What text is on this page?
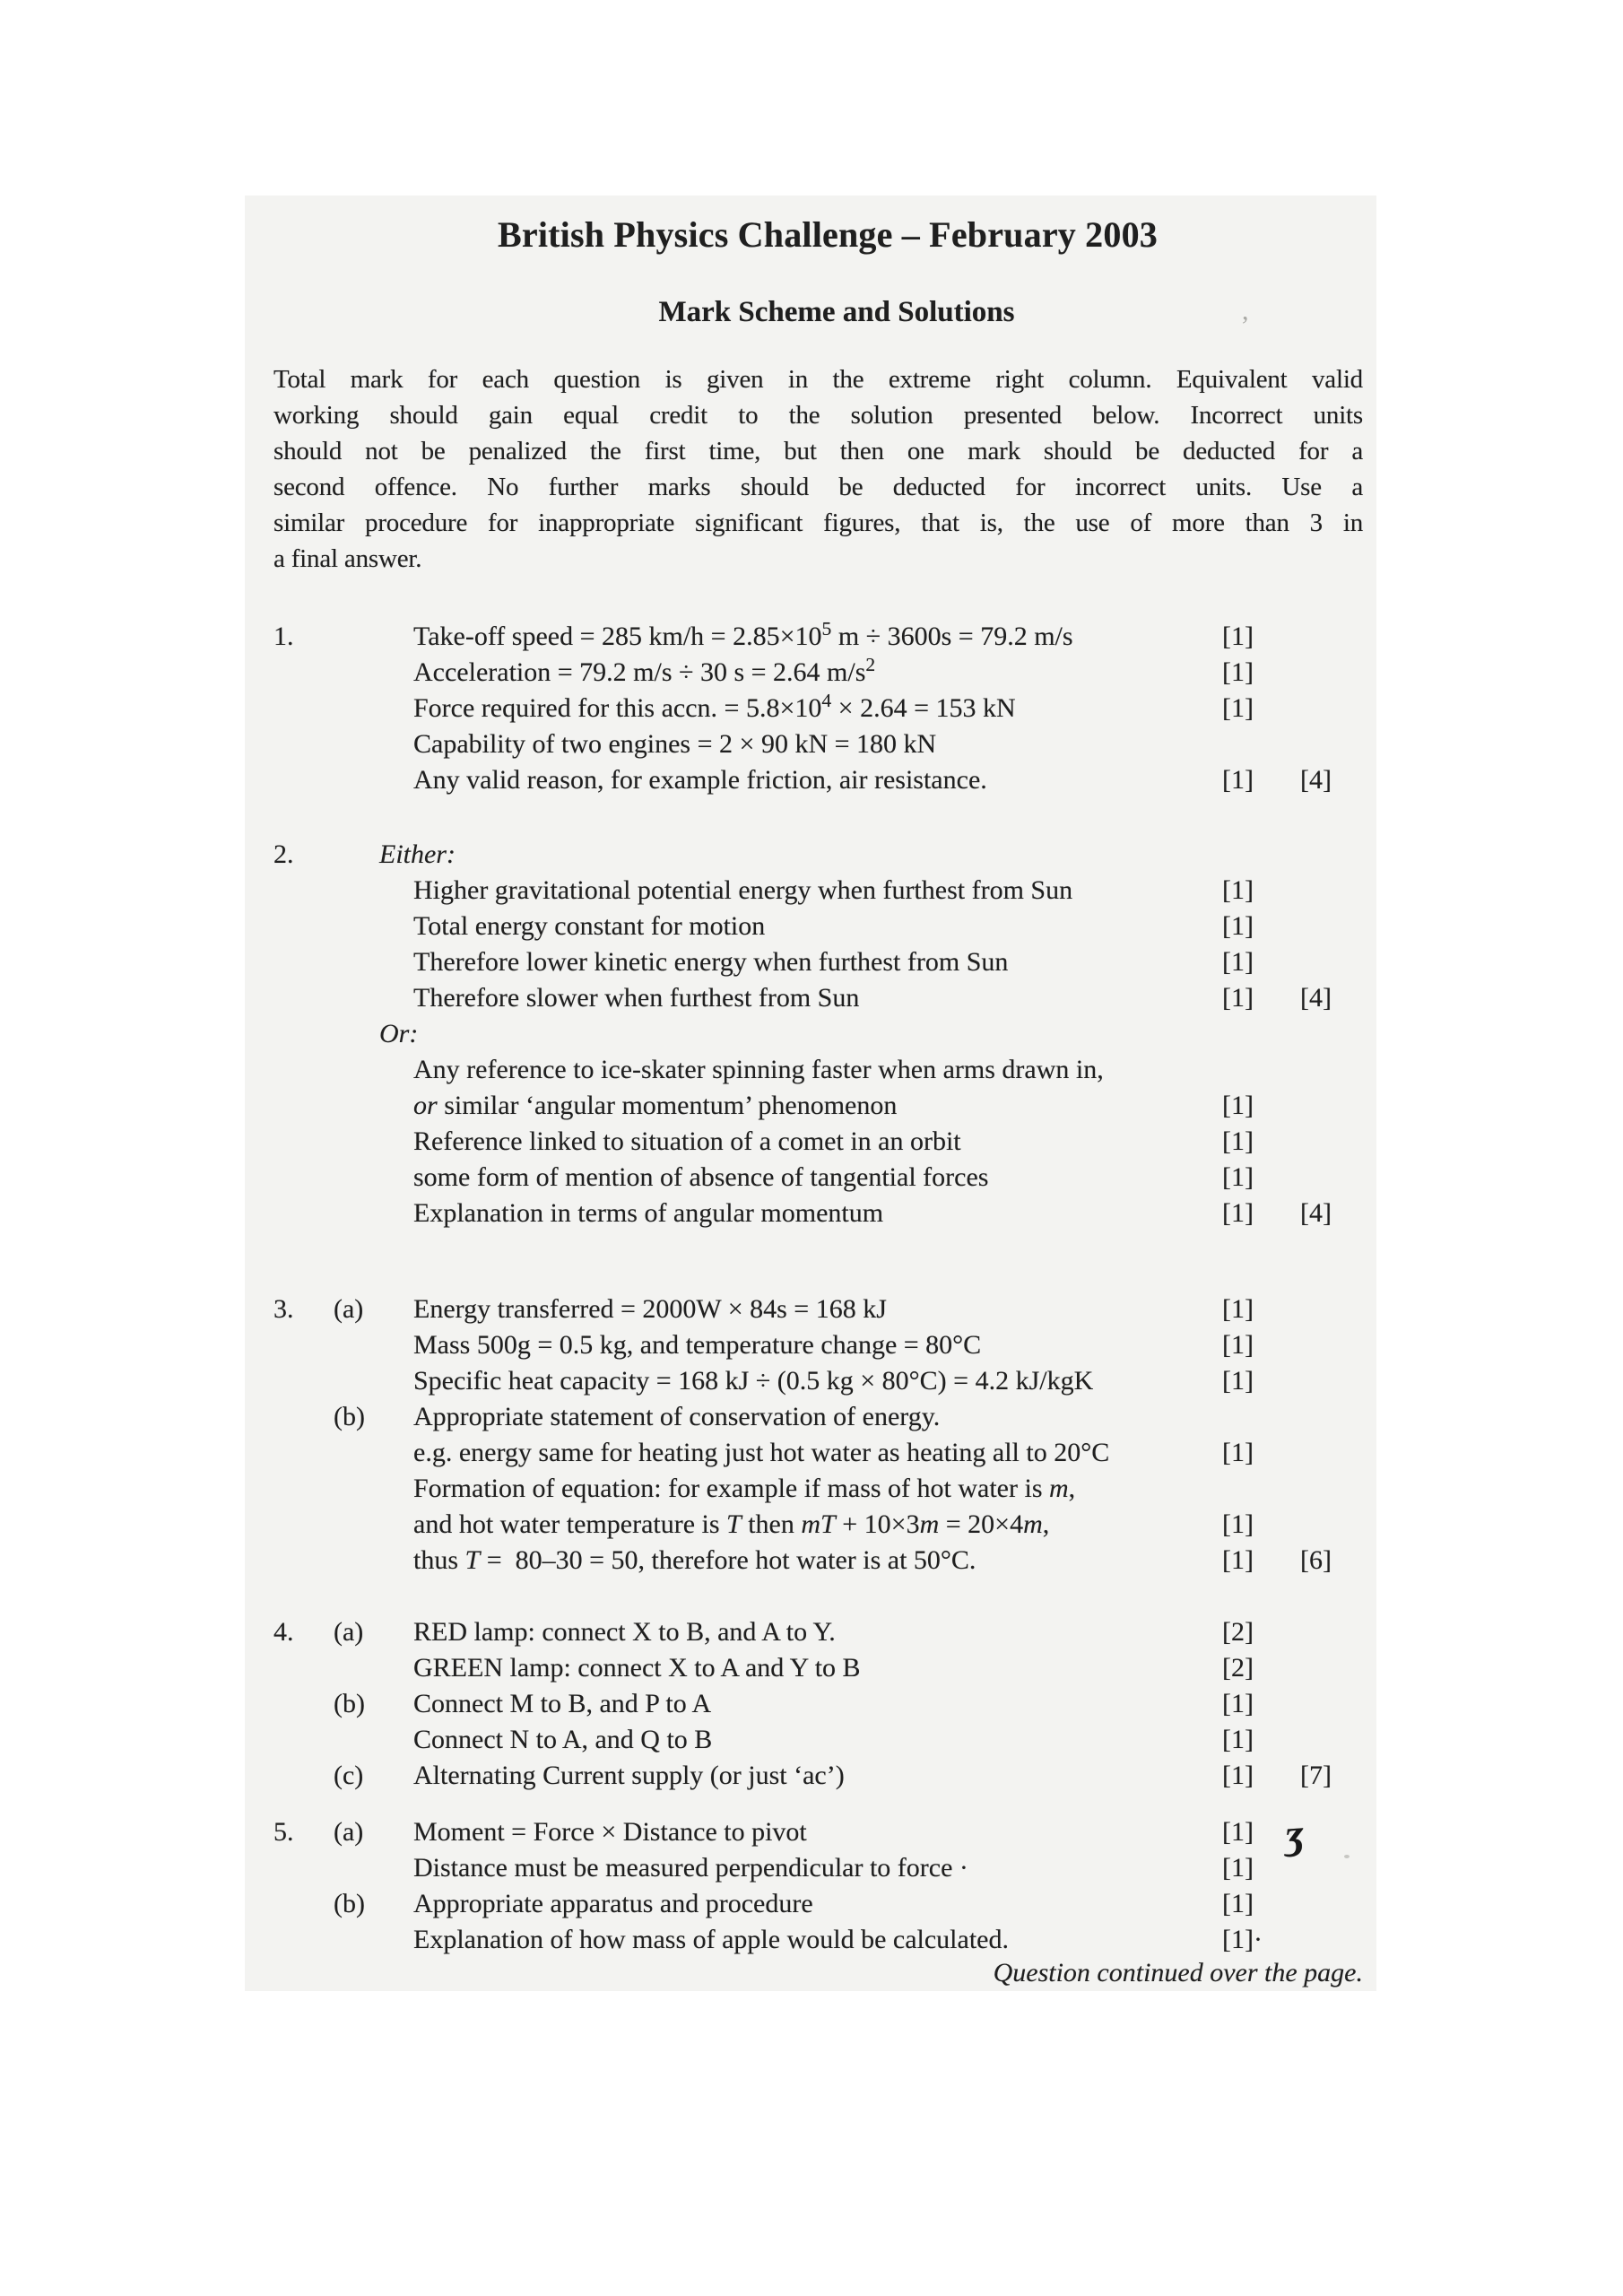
British Physics Challenge – February 2003
Mark Scheme and Solutions	,
Total mark for each question is given in the extreme right column. Equivalent valid
working should gain equal credit to the solution presented below. Incorrect units
should not be penalized the first time, but then one mark should be deducted for a
second offence. No further marks should be deducted for incorrect units. Use a
similar procedure for inappropriate significant figures, that is, the use of more than 3 in
a final answer.
1.	Take-off speed = 285 $km/h = 2.85\times 10^5$ m ÷ 3600s = 79.2 m/s	[1]
Acceleration = 79.2 m/s ÷ 30 s = 2.64 $m/s^2$	[1]
Force required for this accn. = $5.8\times 10^4 \times 2.64 = 153$ kN	[1]
Capability of two engines = 2 × 90 kN = 180 kN
Any valid reason, for example friction, air resistance.	[1]	[4]
2.	Either:
Higher gravitational potential energy when furthest from Sun	[1]
Total energy constant for motion	[1]
Therefore lower kinetic energy when furthest from Sun	[1]
Therefore slower when furthest from Sun	[1]	[4]
Or:
Any reference to ice-skater spinning faster when arms drawn in,
or similar ‘angular momentum’ phenomenon	[1]
Reference linked to situation of a comet in an orbit	[1]
some form of mention of absence of tangential forces	[1]
Explanation in terms of angular momentum	[1]	[4]
3.	(a)	Energy transferred = 2000W × 84s = 168 kJ	[1]
Mass 500g = 0.5 kg, and temperature change = 80°C	[1]
Specific heat capacity = 168 kJ ÷ (0.5 kg × 80°C) = 4.2 kJ/kgK	[1]
(b)	Appropriate statement of conservation of energy.
e.g. energy same for heating just hot water as heating all to 20°C	[1]
Formation of equation: for example if mass of hot water is m,
and hot water temperature is T then mT + 10×3m = 20×4m,	[1]
thus T =  80–30 = 50, therefore hot water is at 50°C.	[1]	[6]
4.	(a)	RED lamp: connect X to B, and A to Y.	[2]
GREEN lamp: connect X to A and Y to B	[2]
(b)	Connect M to B, and P to A	[1]
Connect N to A, and Q to B	[1]
(c)	Alternating Current supply (or just ‘ac’)	[1]	[7]
5.	(a)	Moment = Force × Distance to pivot	[1]
Distance must be measured perpendicular to force ·	[1]
(b)	Appropriate apparatus and procedure	[1]
Explanation of how mass of apple would be calculated.	[1]·
Question continued over the page.
ʒ
